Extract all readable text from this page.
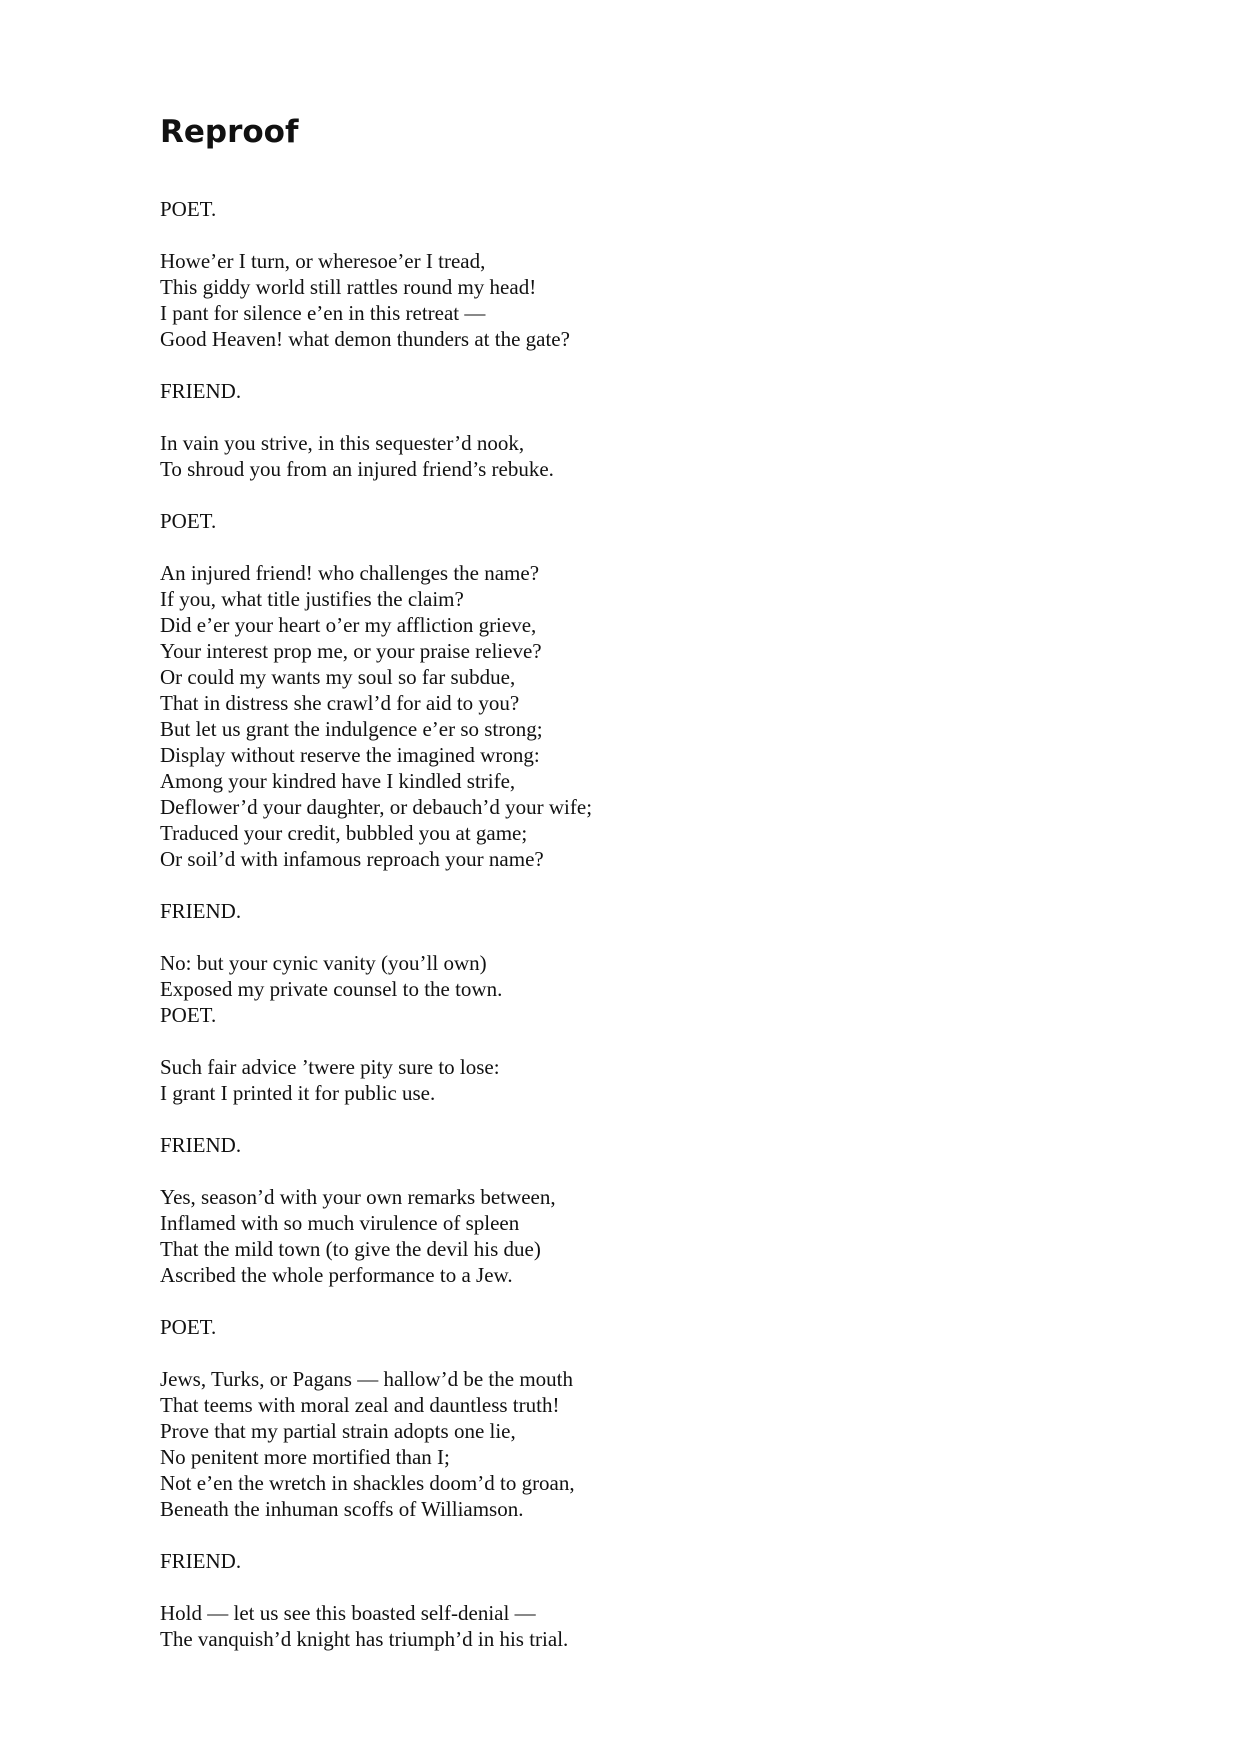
Reproof
POET.
Howe’er I turn, or wheresoe’er I tread,
This giddy world still rattles round my head!
I pant for silence e’en in this retreat —
Good Heaven! what demon thunders at the gate?
FRIEND.
In vain you strive, in this sequester’d nook,
To shroud you from an injured friend’s rebuke.
POET.
An injured friend! who challenges the name?
If you, what title justifies the claim?
Did e’er your heart o’er my affliction grieve,
Your interest prop me, or your praise relieve?
Or could my wants my soul so far subdue,
That in distress she crawl’d for aid to you?
But let us grant the indulgence e’er so strong;
Display without reserve the imagined wrong:
Among your kindred have I kindled strife,
Deflower’d your daughter, or debauch’d your wife;
Traduced your credit, bubbled you at game;
Or soil’d with infamous reproach your name?
FRIEND.
No: but your cynic vanity (you’ll own)
Exposed my private counsel to the town.
POET.
Such fair advice ’twere pity sure to lose:
I grant I printed it for public use.
FRIEND.
Yes, season’d with your own remarks between,
Inflamed with so much virulence of spleen
That the mild town (to give the devil his due)
Ascribed the whole performance to a Jew.
POET.
Jews, Turks, or Pagans — hallow’d be the mouth
That teems with moral zeal and dauntless truth!
Prove that my partial strain adopts one lie,
No penitent more mortified than I;
Not e’en the wretch in shackles doom’d to groan,
Beneath the inhuman scoffs of Williamson.
FRIEND.
Hold — let us see this boasted self-denial —
The vanquish’d knight has triumph’d in his trial.
